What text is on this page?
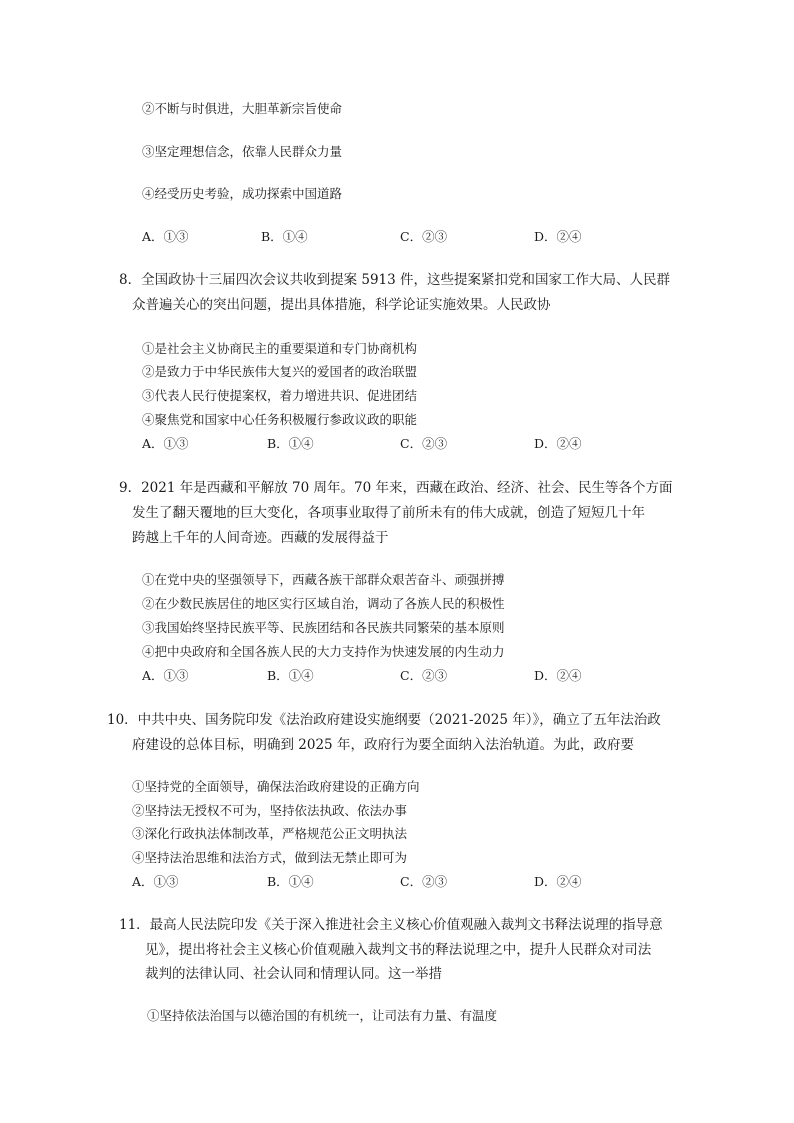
②不断与时俱进，大胆革新宗旨使命
③坚定理想信念，依靠人民群众力量
④经受历史考验，成功探索中国道路
A．①③	B．①④	C．②③	D．②④
8．全国政协十三届四次会议共收到提案 5913 件，这些提案紧扣党和国家工作大局、人民群
众普遍关心的突出问题，提出具体措施，科学论证实施效果。人民政协
①是社会主义协商民主的重要渠道和专门协商机构
②是致力于中华民族伟大复兴的爱国者的政治联盟
③代表人民行使提案权，着力增进共识、促进团结
④聚焦党和国家中心任务积极履行参政议政的职能
A．①③	B．①④	C．②③	D．②④
9．2021 年是西藏和平解放 70 周年。70 年来，西藏在政治、经济、社会、民生等各个方面
发生了翻天覆地的巨大变化，各项事业取得了前所未有的伟大成就，创造了短短几十年
跨越上千年的人间奇迹。西藏的发展得益于
①在党中央的坚强领导下，西藏各族干部群众艰苦奋斗、顽强拼搏
②在少数民族居住的地区实行区域自治，调动了各族人民的积极性
③我国始终坚持民族平等、民族团结和各民族共同繁荣的基本原则
④把中央政府和全国各族人民的大力支持作为快速发展的内生动力
A．①③	B．①④	C．②③	D．②④
10．中共中央、国务院印发《法治政府建设实施纲要（2021-2025 年）》，确立了五年法治政
府建设的总体目标，明确到 2025 年，政府行为要全面纳入法治轨道。为此，政府要
①坚持党的全面领导，确保法治政府建设的正确方向
②坚持法无授权不可为，坚持依法执政、依法办事
③深化行政执法体制改革，严格规范公正文明执法
④坚持法治思维和法治方式，做到法无禁止即可为
A．①③	B．①④	C．②③	D．②④
11．最高人民法院印发《关于深入推进社会主义核心价值观融入裁判文书释法说理的指导意
见》，提出将社会主义核心价值观融入裁判文书的释法说理之中，提升人民群众对司法
裁判的法律认同、社会认同和情理认同。这一举措
①坚持依法治国与以德治国的有机统一，让司法有力量、有温度
